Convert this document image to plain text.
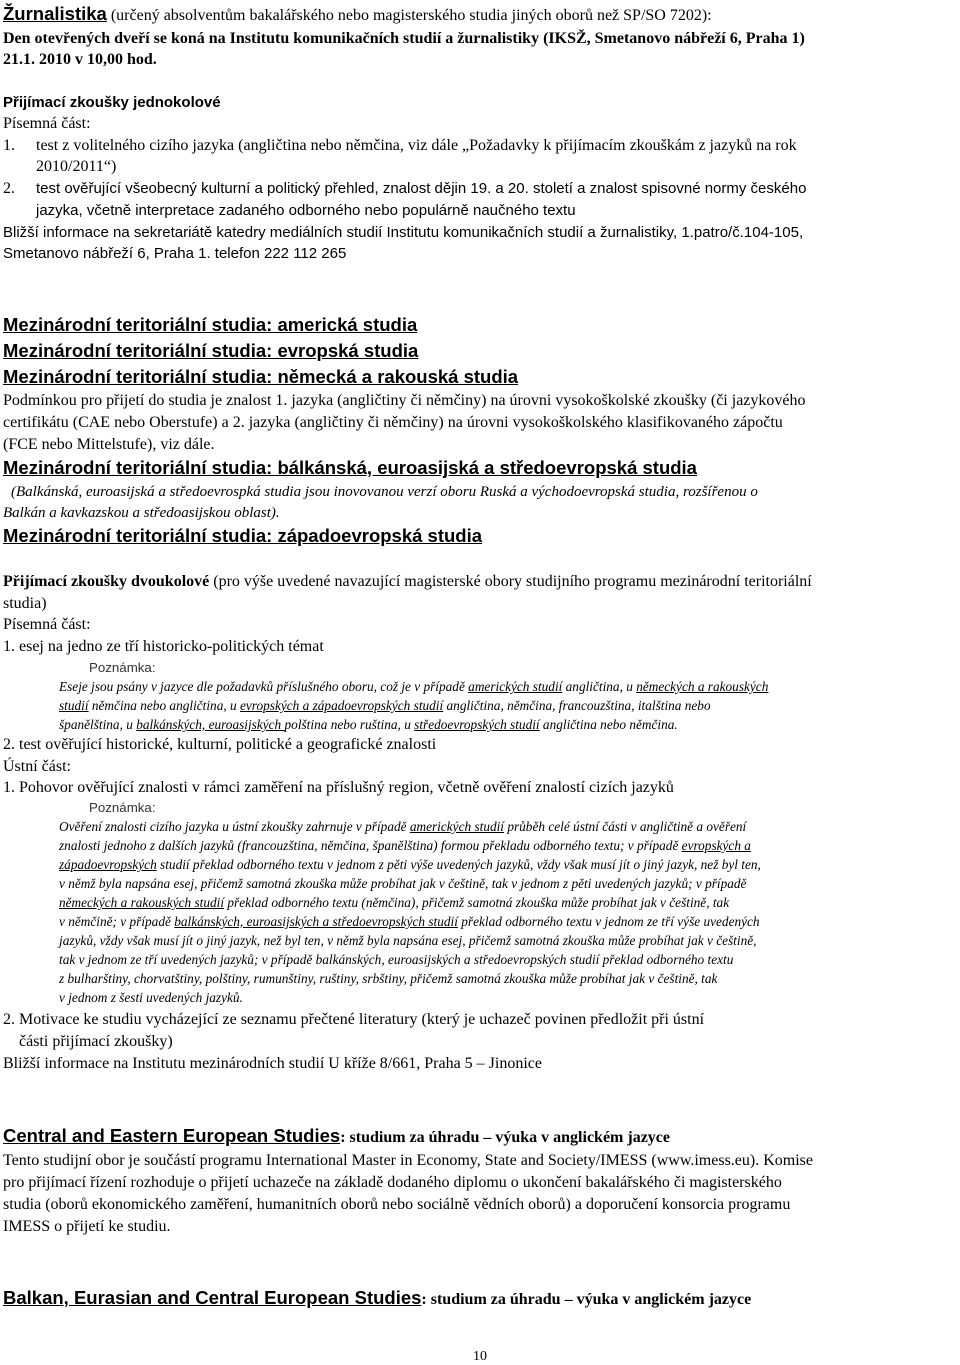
Žurnalistika (určený absolventům bakalářského nebo magisterského studia jiných oborů než SP/SO 7202):
Den otevřených dveří se koná na Institutu komunikačních studií a žurnalistiky (IKSŽ, Smetanovo nábřeží 6, Praha 1)
21.1. 2010 v 10,00 hod.
Přijímací zkoušky jednokolové
Písemná část:
1. test z volitelného cizího jazyka (angličtina nebo němčina, viz dále „Požadavky k přijímacím zkouškám z jazyků na rok
2010/2011“)
2. test ověřující všeobecný kulturní a politický přehled, znalost dějin 19. a 20. století a znalost spisovné normy českého
jazyka, včetně interpretace zadaného odborného nebo populárně naučného textu
Bližší informace na sekretariátě katedry mediálních studií Institutu komunikačních studií a žurnalistiky, 1.patro/č.104-105,
Smetanovo nábřeží 6, Praha 1. telefon 222 112 265
Mezinárodní teritoriální studia: americká studia
Mezinárodní teritoriální studia: evropská studia
Mezinárodní teritoriální studia: německá a rakouská studia
Podmínkou pro přijetí do studia je znalost 1. jazyka (angličtiny či němčiny) na úrovni vysokoškolské zkoušky (či jazykového
certifikátu (CAE nebo Oberstufe) a 2. jazyka (angličtiny či němčiny) na úrovni vysokoškolského klasifikovaného zápočtu
(FCE nebo Mittelstufe), viz dále.
Mezinárodní teritoriální studia: bálkánská, euroasijská a středoevropská studia
(Balkánská, euroasijská a středoevrospká studia jsou inovovanou verzí oboru Ruská a východoevropská studia, rozšířenou o
Balkán a kavkazskou a středoasijskou oblast).
Mezinárodní teritoriální studia: západoevropská studia
Přijímací zkoušky dvoukolové (pro výše uvedené navazující magisterské obory studijního programu mezinárodní teritoriální
studia)
Písemná část:
1. esej na jedno ze tří historicko-politických témat
Poznámka:
Eseje jsou psány v jazyce dle požadavků příslušného oboru, což je v případě amerických studií angličtina, u německých a rakouských
studií němčina nebo angličtina, u evropských a západoevropských studií angličtina, němčina, francouzština, italština nebo
španělština, u balkánských, euroasijských polština nebo ruština, u středoevropských studií angličtina nebo němčina.
2. test ověřující historické, kulturní, politické a geografické znalosti
Ústní část:
1. Pohovor ověřující znalosti v rámci zaměření na příslušný region, včetně ověření znalostí cizích jazyků
Poznámka:
Ověření znalosti cizího jazyka u ústní zkoušky zahrnuje v případě amerických studií průběh celé ústní části v angličtině a ověření
znalosti jednoho z dalších jazyků (francouzština, němčina, španělština) formou překladu odborného textu; v případě evropských a
západoevropských studií překlad odborného textu v jednom z pěti výše uvedených jazyků, vždy však musí jít o jiný jazyk, než byl ten,
v němž byla napsána esej, přičemž samotná zkouška může probíhat jak v češtině, tak v jednom z pěti uvedených jazyků; v případě
německých a rakouských studií překlad odborného textu (němčina), přičemž samotná zkouška může probíhat jak v češtině, tak
v němčině; v případě balkánských, euroasijských a středoevropských studií překlad odborného textu v jednom ze tří výše uvedených
jazyků, vždy však musí jít o jiný jazyk, než byl ten, v němž byla napsána esej, přičemž samotná zkouška může probíhat jak v češtině,
tak v jednom ze tří uvedených jazyků; v případě balkánských, euroasijských a středoevropských studií překlad odborného textu
z bulharštiny, chorvatštiny, polštiny, rumunštiny, ruštiny, srbštiny, přičemž samotná zkouška může probíhat jak v češtině, tak
v jednom z šesti uvedených jazyků.
2. Motivace ke studiu vycházející ze seznamu přečtené literatury (který je uchazeč povinen předložit při ústní
části přijímací zkoušky)
Bližší informace na Institutu mezinárodních studií U kříže 8/661, Praha 5 – Jinonice
Central and Eastern European Studies: studium za úhradu – výuka v anglickém jazyce
Tento studijní obor je součástí programu International Master in Economy, State and Society/IMESS (www.imess.eu). Komise
pro přijímací řízení rozhoduje o přijetí uchazeče na základě dodaného diplomu o ukončení bakalářského či magisterského
studia (oborů ekonomického zaměření, humanitních oborů nebo sociálně vědních oborů) a doporučení konsorcia programu
IMESS o přijetí ke studiu.
Balkan, Eurasian and Central European Studies: studium za úhradu – výuka v anglickém jazyce
10
